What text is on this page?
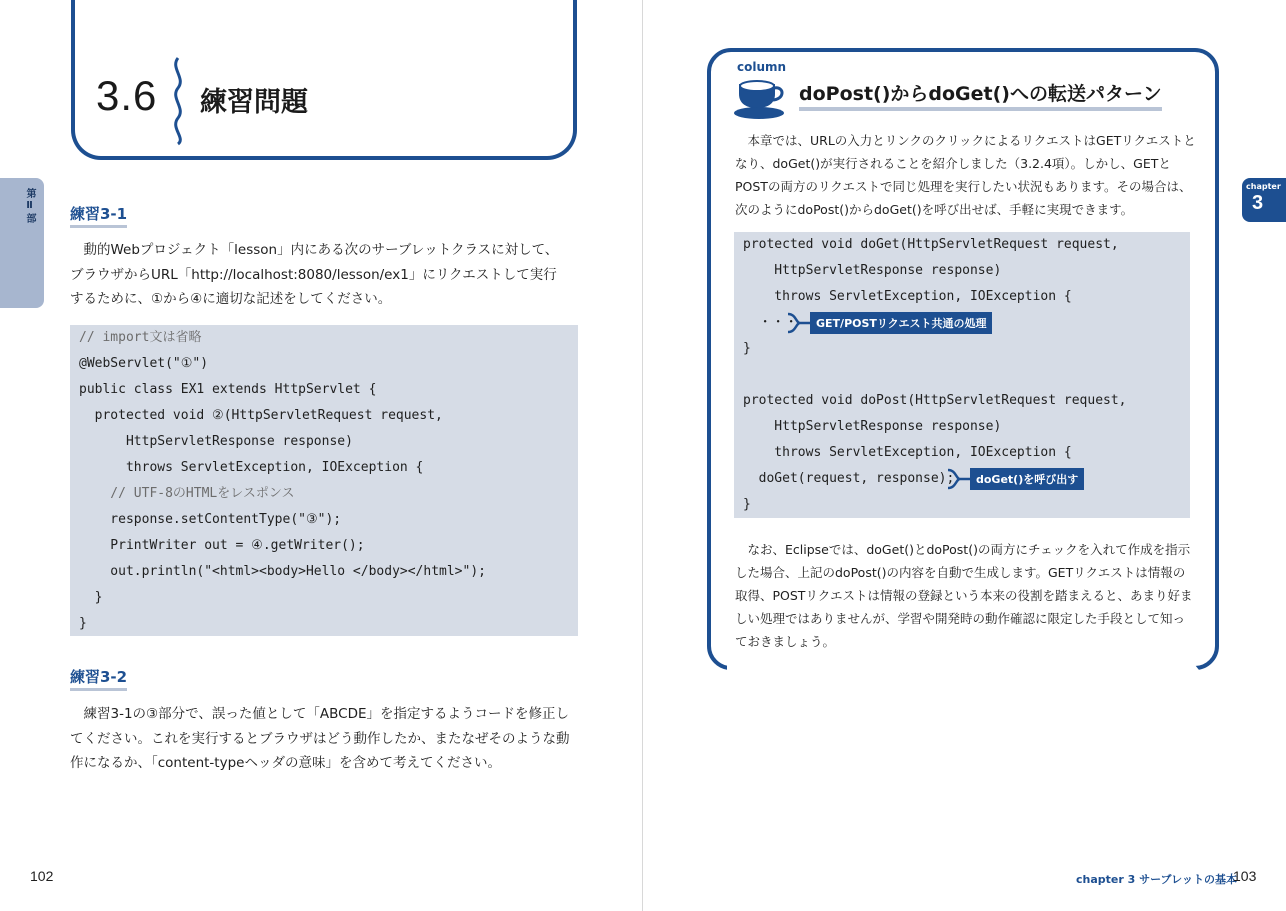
3.6 練習問題
第Ⅱ部 練習3-1
動的Webプロジェクト「lesson」内にある次のサーブレットクラスに対して、ブラウザからURL「http://localhost:8080/lesson/ex1」にリクエストして実行するために、①から④に適切な記述をしてください。
// import文は省略
@WebServlet("①")
public class EX1 extends HttpServlet {
protected void ②(HttpServletRequest request,
HttpServletResponse response)
throws ServletException, IOException {
// UTF-8のHTMLをレスポンス
response.setContentType("③");
PrintWriter out = ④.getWriter();
out.println("<html><body>Hello </body></html>");
}
}
練習3-2
練習3-1の③部分で、誤った値として「ABCDE」を指定するようコードを修正してください。これを実行するとブラウザはどう動作したか、またなぜそのような動作になるか、「content-typeヘッダの意味」を含めて考えてください。
102
column
doPost()からdoGet()への転送パターン
chapter
3
本章では、URLの入力とリンクのクリックによるリクエストはGETリクエストとなり、doGet()が実行されることを紹介しました（3.2.4項）。しかし、GETとPOSTの両方のリクエストで同じ処理を実行したい状況もあります。その場合は、次のようにdoPost()からdoGet()を呼び出せば、手軽に実現できます。
protected void doGet(HttpServletRequest request,
HttpServletResponse response)
throws ServletException, IOException {
・・・
}
protected void doPost(HttpServletRequest request,
HttpServletResponse response)
throws ServletException, IOException {
doGet(request, response);
}
GET/POSTリクエスト共通の処理
doGet()を呼び出す
なお、Eclipseでは、doGet()とdoPost()の両方にチェックを入れて作成を指示した場合、上記のdoPost()の内容を自動で生成します。GETリクエストは情報の取得、POSTリクエストは情報の登録という本来の役割を踏まえると、あまり好ましい処理ではありませんが、学習や開発時の動作確認に限定した手段として知っておきましょう。
chapter 3 サーブレットの基本
103
